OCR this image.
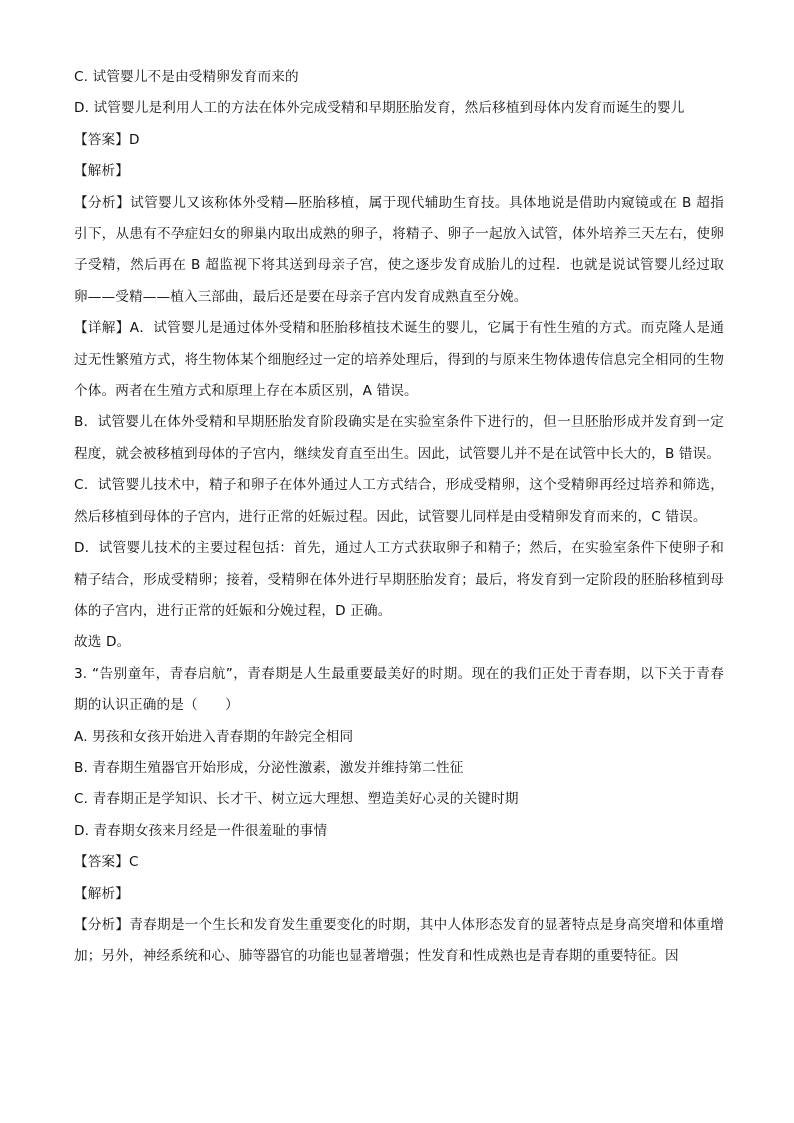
C. 试管婴儿不是由受精卵发育而来的
D. 试管婴儿是利用人工的方法在体外完成受精和早期胚胎发育，然后移植到母体内发育而诞生的婴儿
【答案】D
【解析】
【分析】试管婴儿又该称体外受精—胚胎移植，属于现代辅助生育技。具体地说是借助内窥镜或在 B 超指引下，从患有不孕症妇女的卵巢内取出成熟的卵子，将精子、卵子一起放入试管，体外培养三天左右，使卵子受精，然后再在 B 超监视下将其送到母亲子宫，使之逐步发育成胎儿的过程．也就是说试管婴儿经过取卵——受精——植入三部曲，最后还是要在母亲子宫内发育成熟直至分娩。
【详解】A．试管婴儿是通过体外受精和胚胎移植技术诞生的婴儿，它属于有性生殖的方式。而克隆人是通过无性繁殖方式，将生物体某个细胞经过一定的培养处理后，得到的与原来生物体遗传信息完全相同的生物个体。两者在生殖方式和原理上存在本质区别，A 错误。
B．试管婴儿在体外受精和早期胚胎发育阶段确实是在实验室条件下进行的，但一旦胚胎形成并发育到一定程度，就会被移植到母体的子宫内，继续发育直至出生。因此，试管婴儿并不是在试管中长大的，B 错误。
C．试管婴儿技术中，精子和卵子在体外通过人工方式结合，形成受精卵，这个受精卵再经过培养和筛选，然后移植到母体的子宫内，进行正常的妊娠过程。因此，试管婴儿同样是由受精卵发育而来的，C 错误。
D．试管婴儿技术的主要过程包括：首先，通过人工方式获取卵子和精子；然后，在实验室条件下使卵子和精子结合，形成受精卵；接着，受精卵在体外进行早期胚胎发育；最后，将发育到一定阶段的胚胎移植到母体的子宫内，进行正常的妊娠和分娩过程，D 正确。
故选 D。
3. “告别童年，青春启航”，青春期是人生最重要最美好的时期。现在的我们正处于青春期，以下关于青春期的认识正确的是（　　）
A. 男孩和女孩开始进入青春期的年龄完全相同
B. 青春期生殖器官开始形成，分泌性激素，激发并维持第二性征
C. 青春期正是学知识、长才干、树立远大理想、塑造美好心灵的关键时期
D. 青春期女孩来月经是一件很羞耻的事情
【答案】C
【解析】
【分析】青春期是一个生长和发育发生重要变化的时期，其中人体形态发育的显著特点是身高突增和体重增加；另外，神经系统和心、肺等器官的功能也显著增强；性发育和性成熟也是青春期的重要特征。因
